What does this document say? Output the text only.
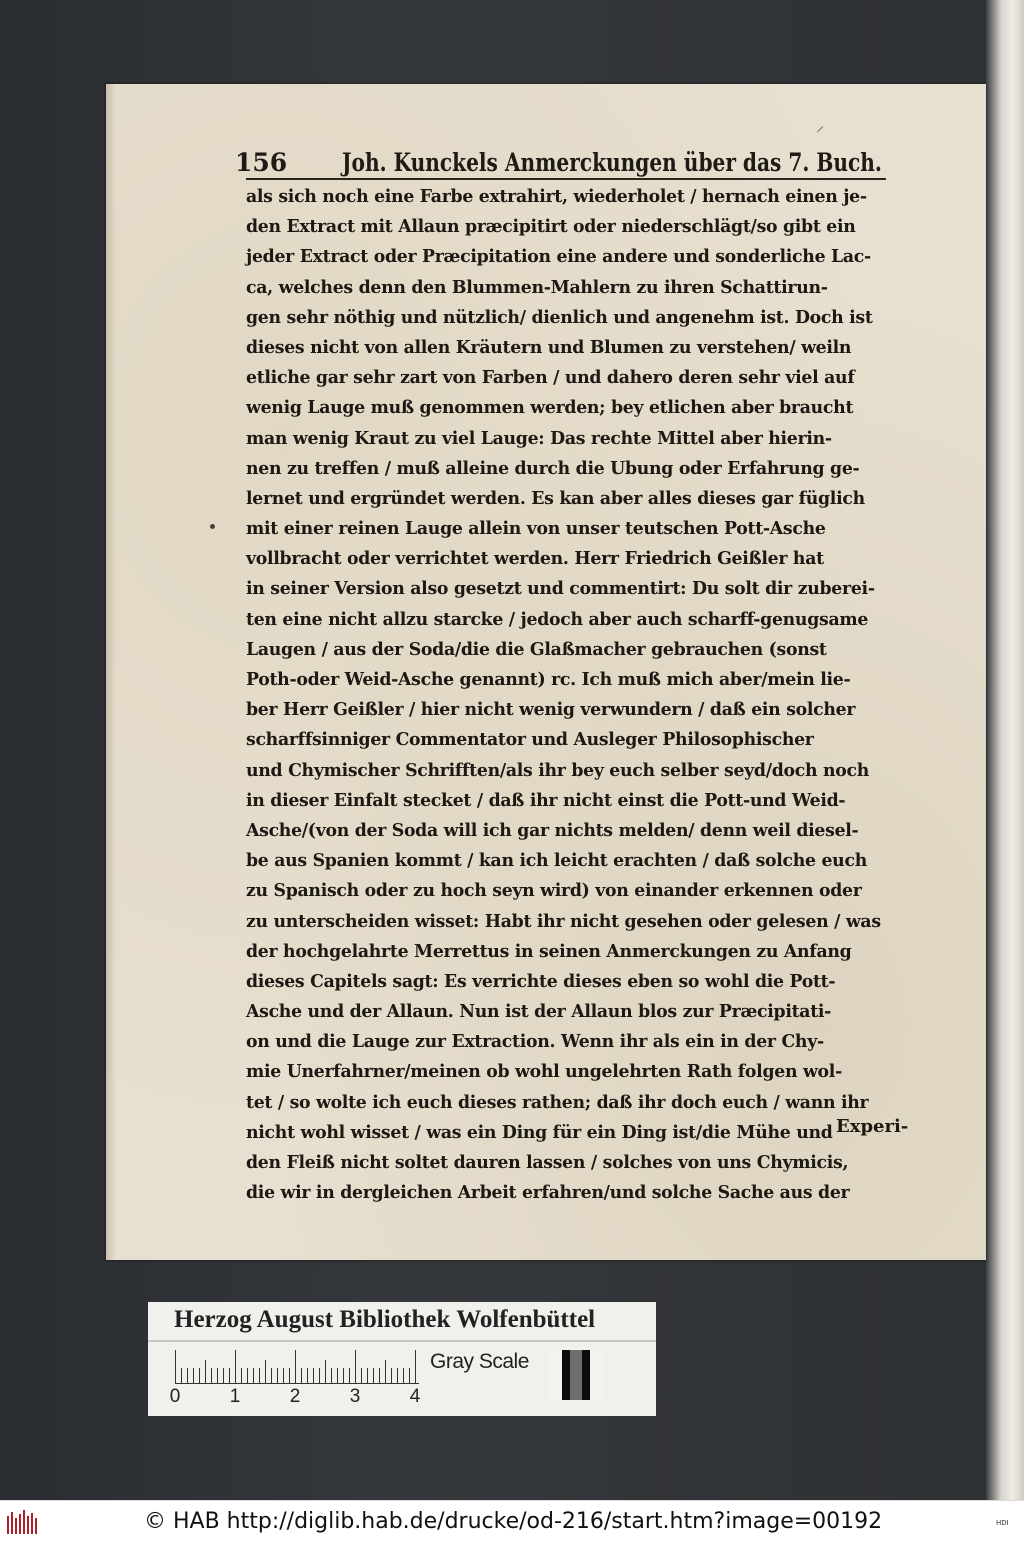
⸝
156 Joh. Kunckels Anmerckungen über das 7. Buch.
als sich noch eine Farbe extrahirt, wiederholet / hernach einen je-
den Extract mit Allaun præcipitirt oder niederschlägt/so gibt ein
jeder Extract oder Præcipitation eine andere und sonderliche Lac-
ca, welches denn den Blummen-Mahlern zu ihren Schattirun-
gen sehr nöthig und nützlich/ dienlich und angenehm ist. Doch ist
dieses nicht von allen Kräutern und Blumen zu verstehen/ weiln
etliche gar sehr zart von Farben / und dahero deren sehr viel auf
wenig Lauge muß genommen werden; bey etlichen aber braucht
man wenig Kraut zu viel Lauge: Das rechte Mittel aber hierin-
nen zu treffen / muß alleine durch die Ubung oder Erfahrung ge-
lernet und ergründet werden. Es kan aber alles dieses gar füglich
mit einer reinen Lauge allein von unser teutschen Pott-Asche
vollbracht oder verrichtet werden. Herr Friedrich Geißler hat
in seiner Version also gesetzt und commentirt: Du solt dir zuberei-
ten eine nicht allzu starcke / jedoch aber auch scharff-genugsame
Laugen / aus der Soda/die die Glaßmacher gebrauchen (sonst
Poth-oder Weid-Asche genannt) rc. Ich muß mich aber/mein lie-
ber Herr Geißler / hier nicht wenig verwundern / daß ein solcher
scharffsinniger Commentator und Ausleger Philosophischer
und Chymischer Schrifften/als ihr bey euch selber seyd/doch noch
in dieser Einfalt stecket / daß ihr nicht einst die Pott-und Weid-
Asche/(von der Soda will ich gar nichts melden/ denn weil diesel-
be aus Spanien kommt / kan ich leicht erachten / daß solche euch
zu Spanisch oder zu hoch seyn wird) von einander erkennen oder
zu unterscheiden wisset: Habt ihr nicht gesehen oder gelesen / was
der hochgelahrte Merrettus in seinen Anmerckungen zu Anfang
dieses Capitels sagt: Es verrichte dieses eben so wohl die Pott-
Asche und der Allaun. Nun ist der Allaun blos zur Præcipitati-
on und die Lauge zur Extraction. Wenn ihr als ein in der Chy-
mie Unerfahrner/meinen ob wohl ungelehrten Rath folgen wol-
tet / so wolte ich euch dieses rathen; daß ihr doch euch / wann ihr
nicht wohl wisset / was ein Ding für ein Ding ist/die Mühe und
den Fleiß nicht soltet dauren lassen / solches von uns Chymicis,
die wir in dergleichen Arbeit erfahren/und solche Sache aus der
Experi-
Herzog August Bibliothek Wolfenbüttel
0	1	2	3	4
Gray Scale
© HAB http://diglib.hab.de/drucke/od-216/start.htm?image=00192	HDI
